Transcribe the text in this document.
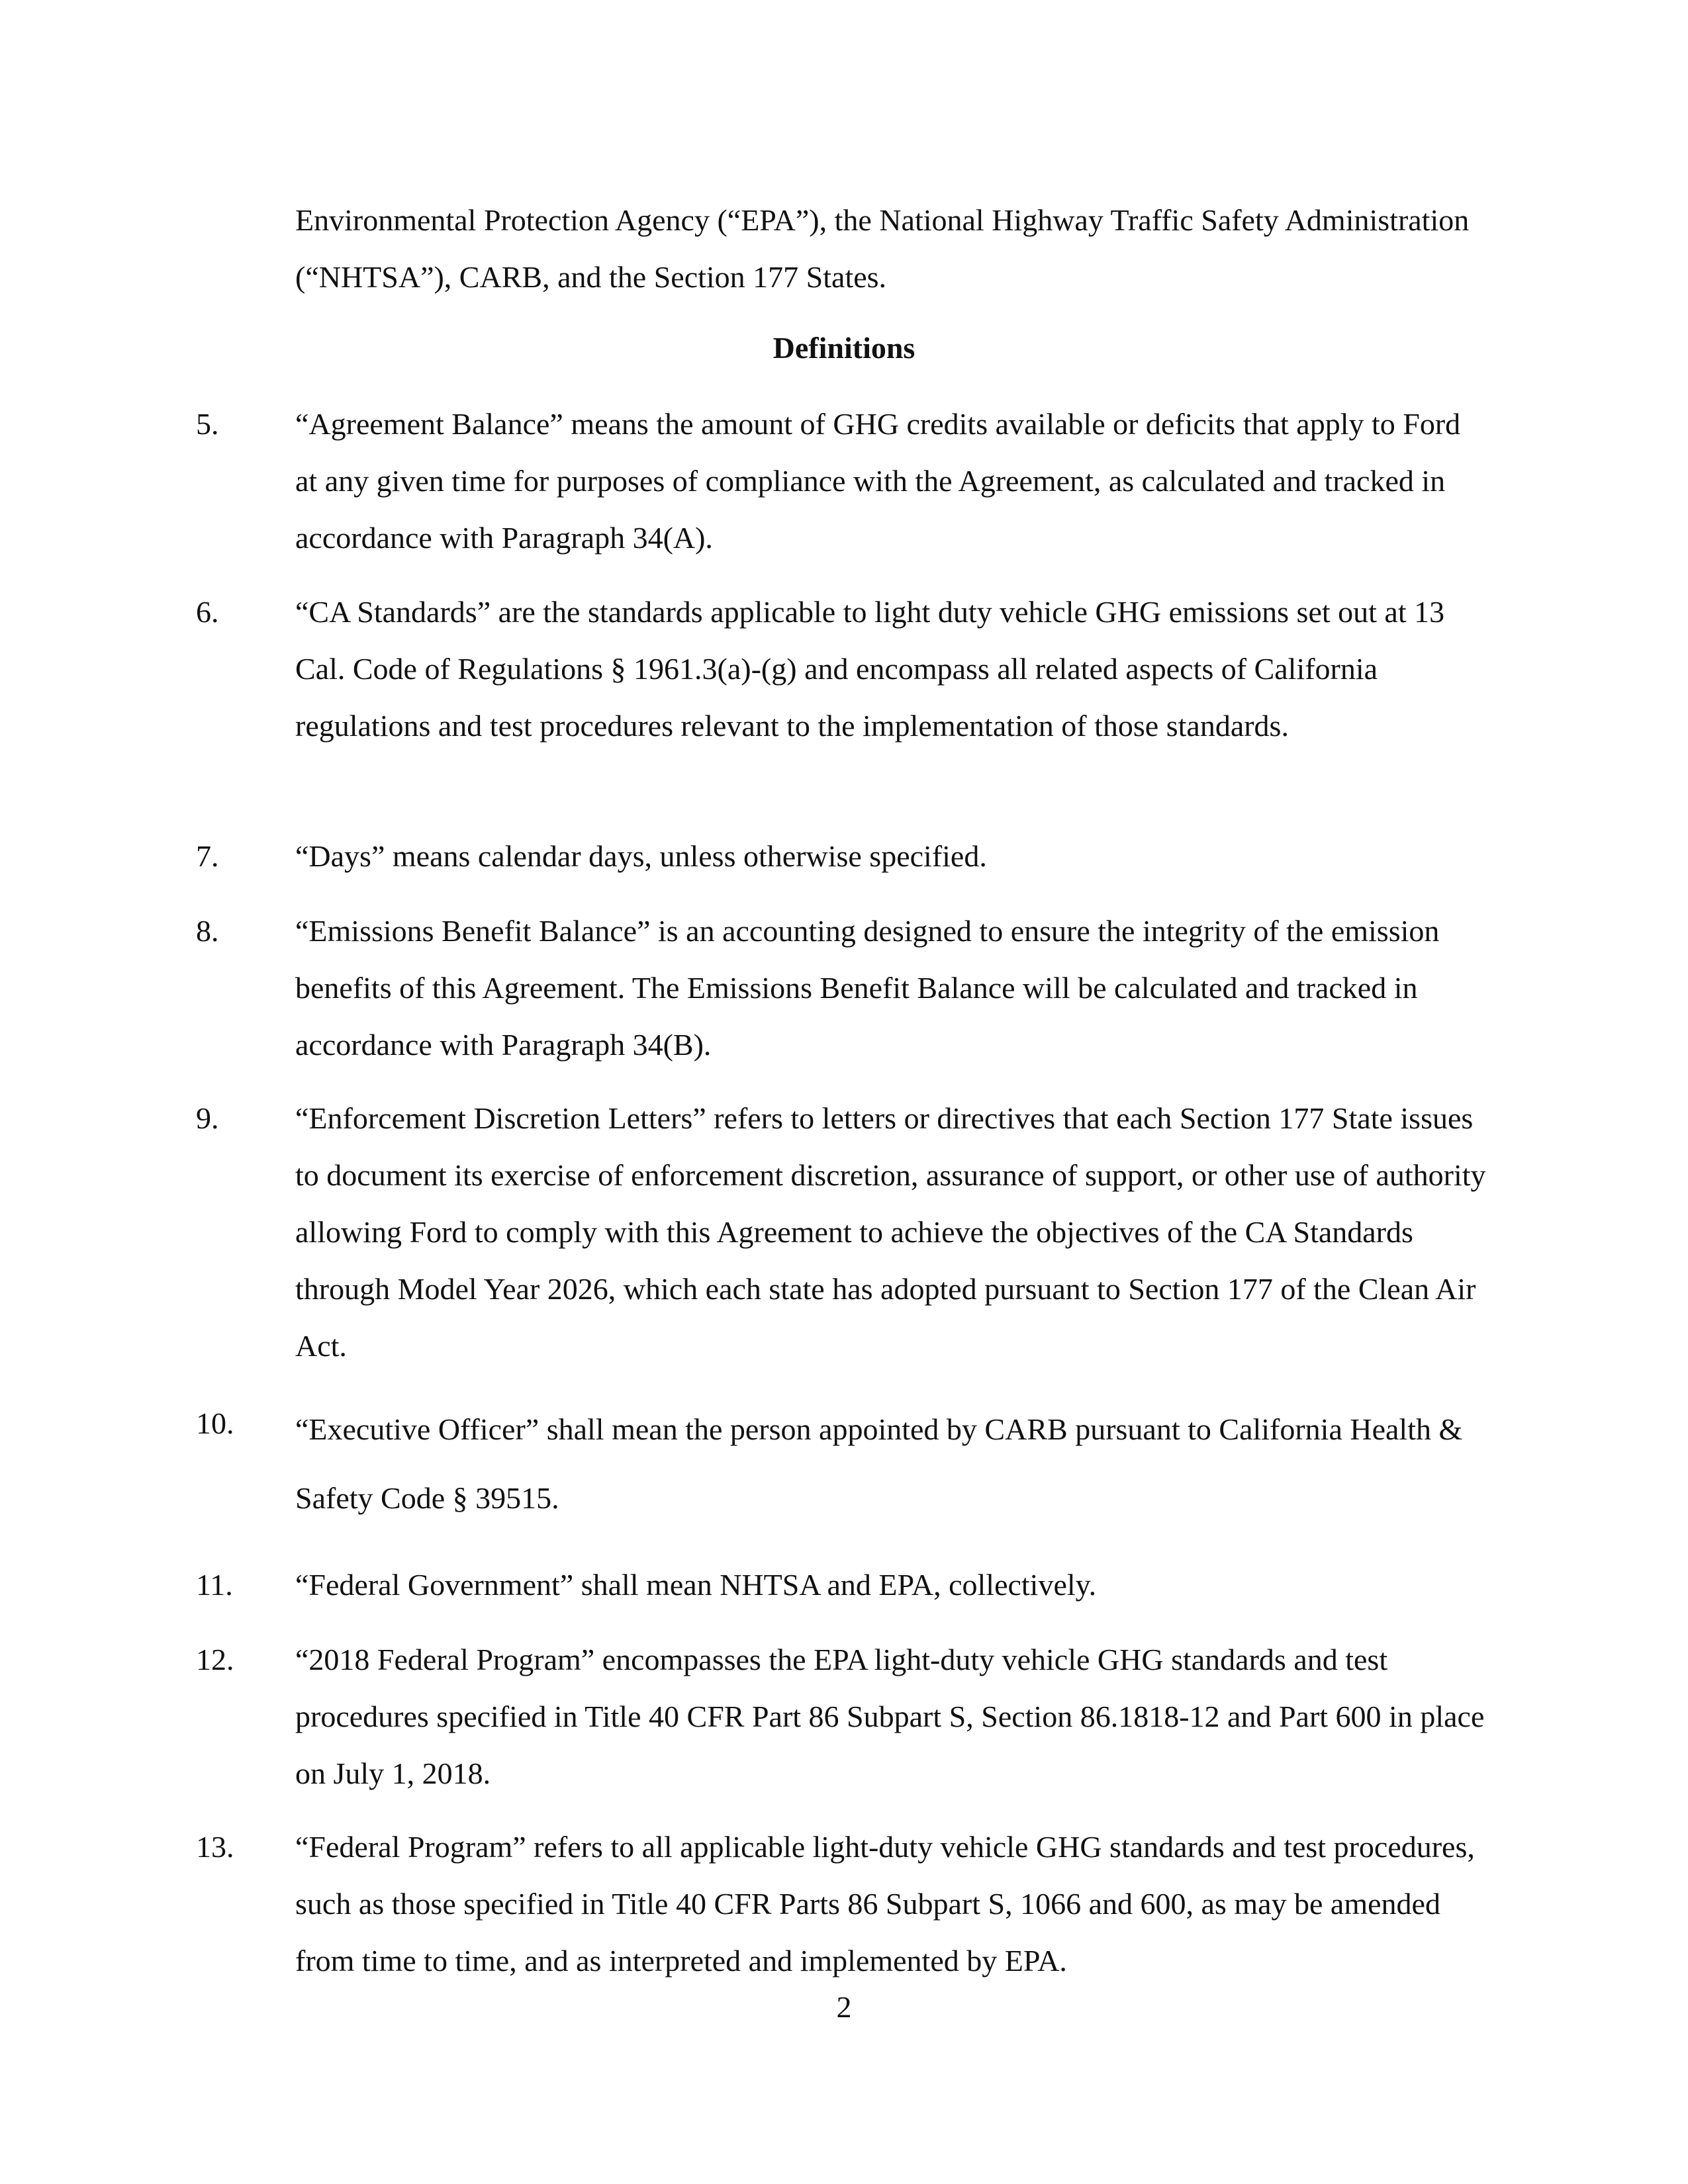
Environmental Protection Agency (“EPA”), the National Highway Traffic Safety Administration (“NHTSA”), CARB, and the Section 177 States.
Definitions
5.	“Agreement Balance” means the amount of GHG credits available or deficits that apply to Ford at any given time for purposes of compliance with the Agreement, as calculated and tracked in accordance with Paragraph 34(A).
6.	“CA Standards” are the standards applicable to light duty vehicle GHG emissions set out at 13 Cal. Code of Regulations § 1961.3(a)-(g) and encompass all related aspects of California regulations and test procedures relevant to the implementation of those standards.
7.	“Days” means calendar days, unless otherwise specified.
8.	“Emissions Benefit Balance” is an accounting designed to ensure the integrity of the emission benefits of this Agreement. The Emissions Benefit Balance will be calculated and tracked in accordance with Paragraph 34(B).
9.	“Enforcement Discretion Letters” refers to letters or directives that each Section 177 State issues to document its exercise of enforcement discretion, assurance of support, or other use of authority allowing Ford to comply with this Agreement to achieve the objectives of the CA Standards through Model Year 2026, which each state has adopted pursuant to Section 177 of the Clean Air Act.
10.	“Executive Officer” shall mean the person appointed by CARB pursuant to California Health & Safety Code § 39515.
11.	“Federal Government” shall mean NHTSA and EPA, collectively.
12.	“2018 Federal Program” encompasses the EPA light-duty vehicle GHG standards and test procedures specified in Title 40 CFR Part 86 Subpart S, Section 86.1818-12 and Part 600 in place on July 1, 2018.
13.	“Federal Program” refers to all applicable light-duty vehicle GHG standards and test procedures, such as those specified in Title 40 CFR Parts 86 Subpart S, 1066 and 600, as may be amended from time to time, and as interpreted and implemented by EPA.
2
